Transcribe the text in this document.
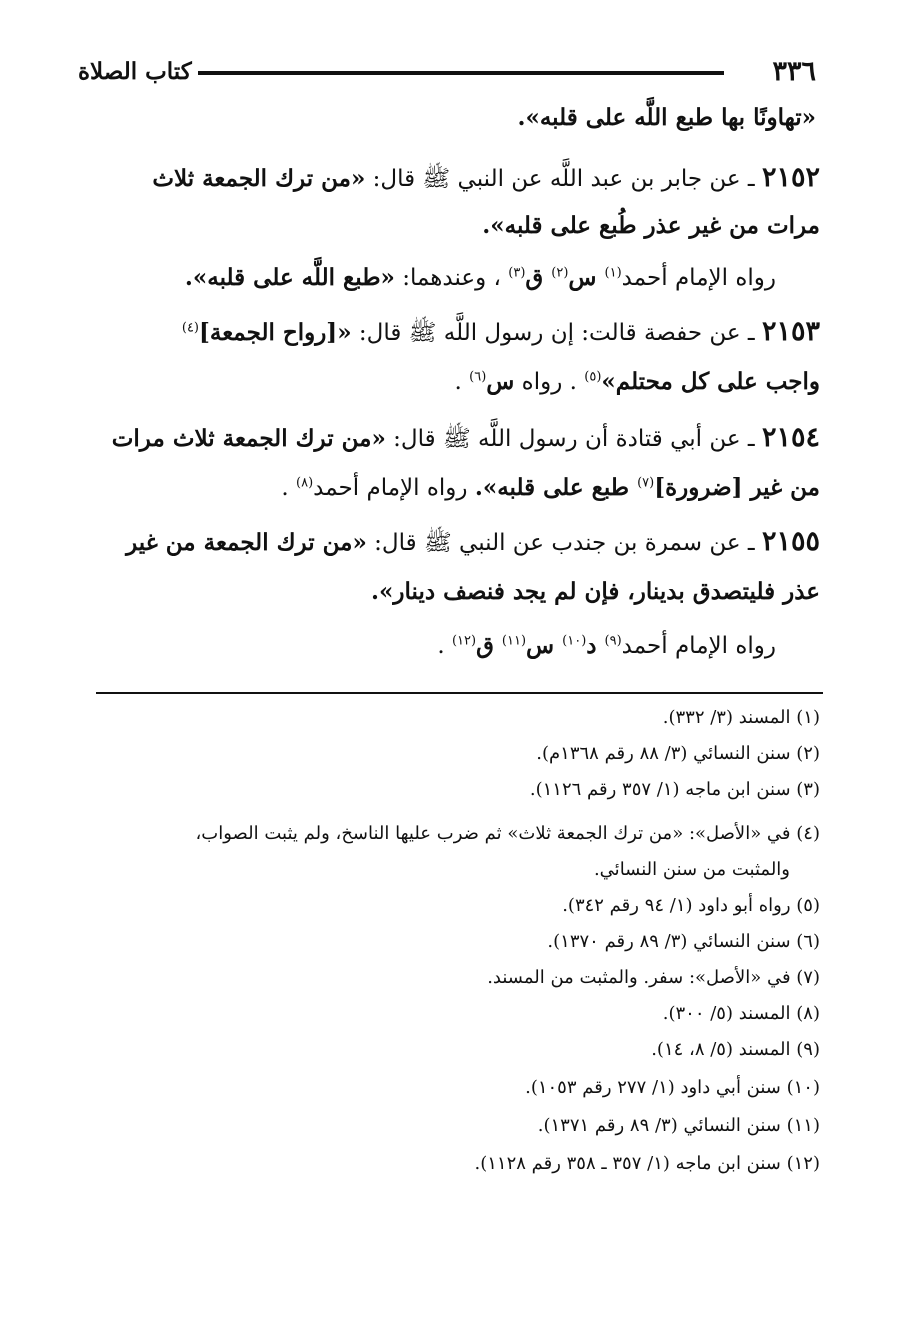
٣٣٦
كتاب الصلاة
«تهاونًا بها طبع اللَّه على قلبه».
٢١٥٢ ـ عن جابر بن عبد اللَّه عن النبي ﷺ قال: «من ترك الجمعة ثلاث
مرات من غير عذر طُبع على قلبه».
رواه الإمام أحمد$^{(١)}$ س$^{(٢)}$ ق$^{(٣)}$ ، وعندهما: «طبع اللَّه على قلبه».
٢١٥٣ ـ عن حفصة قالت: إن رسول اللَّه ﷺ قال: «[رواح الجمعة]$^{(٤)}$
واجب على كل محتلم»$^{(٥)}$ . رواه س$^{(٦)}$ .
٢١٥٤ ـ عن أبي قتادة أن رسول اللَّه ﷺ قال: «من ترك الجمعة ثلاث مرات
من غير [ضرورة]$^{(٧)}$ طبع على قلبه». رواه الإمام أحمد$^{(٨)}$ .
٢١٥٥ ـ عن سمرة بن جندب عن النبي ﷺ قال: «من ترك الجمعة من غير
عذر فليتصدق بدينار، فإن لم يجد فنصف دينار».
رواه الإمام أحمد$^{(٩)}$ د$^{(١٠)}$ س$^{(١١)}$ ق$^{(١٢)}$ .
(١) المسند (٣/ ٣٣٢).
(٢) سنن النسائي (٣/ ٨٨ رقم ١٣٦٨م).
(٣) سنن ابن ماجه (١/ ٣٥٧ رقم ١١٢٦).
(٤) في «الأصل»: «من ترك الجمعة ثلاث» ثم ضرب عليها الناسخ، ولم يثبت الصواب،
والمثبت من سنن النسائي.
(٥) رواه أبو داود (١/ ٩٤ رقم ٣٤٢).
(٦) سنن النسائي (٣/ ٨٩ رقم ١٣٧٠).
(٧) في «الأصل»: سفر. والمثبت من المسند.
(٨) المسند (٥/ ٣٠٠).
(٩) المسند (٥/ ٨، ١٤).
(١٠) سنن أبي داود (١/ ٢٧٧ رقم ١٠٥٣).
(١١) سنن النسائي (٣/ ٨٩ رقم ١٣٧١).
(١٢) سنن ابن ماجه (١/ ٣٥٧ ـ ٣٥٨ رقم ١١٢٨).
